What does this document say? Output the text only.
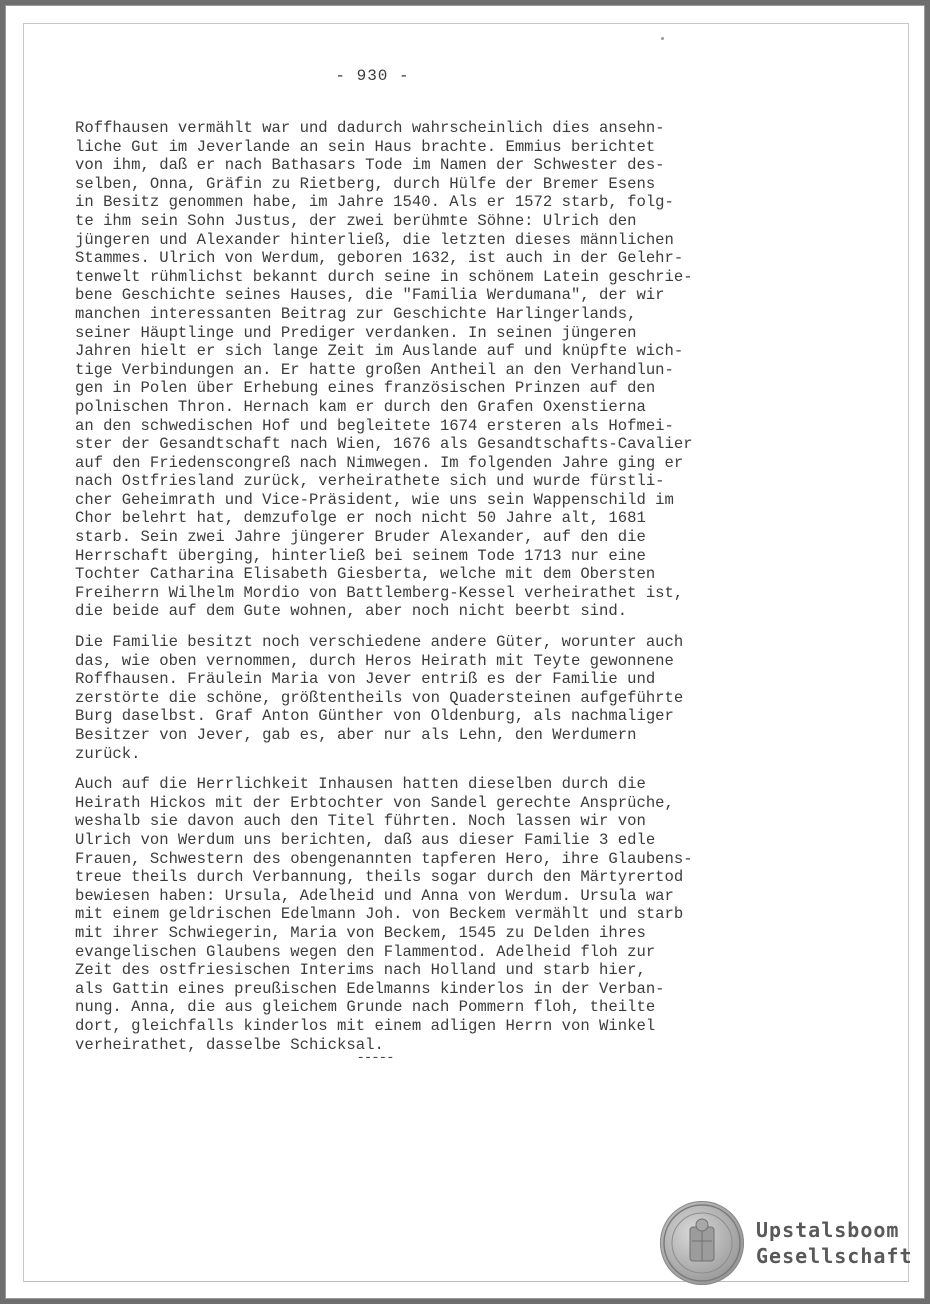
- 930 -
Roffhausen vermählt war und dadurch wahrscheinlich dies ansehn-
liche Gut im Jeverlande an sein Haus brachte. Emmius berichtet
von ihm, daß er nach Bathasars Tode im Namen der Schwester des-
selben, Onna, Gräfin zu Rietberg, durch Hülfe der Bremer Esens
in Besitz genommen habe, im Jahre 1540. Als er 1572 starb, folg-
te ihm sein Sohn Justus, der zwei berühmte Söhne: Ulrich den
jüngeren und Alexander hinterließ, die letzten dieses männlichen
Stammes. Ulrich von Werdum, geboren 1632, ist auch in der Gelehr-
tenwelt rühmlichst bekannt durch seine in schönem Latein geschrie-
bene Geschichte seines Hauses, die "Familia Werdumana", der wir
manchen interessanten Beitrag zur Geschichte Harlingerlands,
seiner Häuptlinge und Prediger verdanken. In seinen jüngeren
Jahren hielt er sich lange Zeit im Auslande auf und knüpfte wich-
tige Verbindungen an. Er hatte großen Antheil an den Verhandlun-
gen in Polen über Erhebung eines französischen Prinzen auf den
polnischen Thron. Hernach kam er durch den Grafen Oxenstierna
an den schwedischen Hof und begleitete 1674 ersteren als Hofmei-
ster der Gesandtschaft nach Wien, 1676 als Gesandtschafts-Cavalier
auf den Friedenscongreß nach Nimwegen. Im folgenden Jahre ging er
nach Ostfriesland zurück, verheirathete sich und wurde fürstli-
cher Geheimrath und Vice-Präsident, wie uns sein Wappenschild im
Chor belehrt hat, demzufolge er noch nicht 50 Jahre alt, 1681
starb. Sein zwei Jahre jüngerer Bruder Alexander, auf den die
Herrschaft überging, hinterließ bei seinem Tode 1713 nur eine
Tochter Catharina Elisabeth Giesberta, welche mit dem Obersten
Freiherrn Wilhelm Mordio von Battlemberg-Kessel verheirathet ist,
die beide auf dem Gute wohnen, aber noch nicht beerbt sind.
Die Familie besitzt noch verschiedene andere Güter, worunter auch
das, wie oben vernommen, durch Heros Heirath mit Teyte gewonnene
Roffhausen. Fräulein Maria von Jever entriß es der Familie und
zerstörte die schöne, größtentheils von Quadersteinen aufgeführte
Burg daselbst. Graf Anton Günther von Oldenburg, als nachmaliger
Besitzer von Jever, gab es, aber nur als Lehn, den Werdumern
zurück.
Auch auf die Herrlichkeit Inhausen hatten dieselben durch die
Heirath Hickos mit der Erbtochter von Sandel gerechte Ansprüche,
weshalb sie davon auch den Titel führten. Noch lassen wir von
Ulrich von Werdum uns berichten, daß aus dieser Familie 3 edle
Frauen, Schwestern des obengenannten tapferen Hero, ihre Glaubens-
treue theils durch Verbannung, theils sogar durch den Märtyrertod
bewiesen haben: Ursula, Adelheid und Anna von Werdum. Ursula war
mit einem geldrischen Edelmann Joh. von Beckem vermählt und starb
mit ihrer Schwiegerin, Maria von Beckem, 1545 zu Delden ihres
evangelischen Glaubens wegen den Flammentod. Adelheid floh zur
Zeit des ostfriesischen Interims nach Holland und starb hier,
als Gattin eines preußischen Edelmanns kinderlos in der Verban-
nung. Anna, die aus gleichem Grunde nach Pommern floh, theilte
dort, gleichfalls kinderlos mit einem adligen Herrn von Winkel
verheirathet, dasselbe Schicksal.
-----
Upstalsboom
Gesellschaft
